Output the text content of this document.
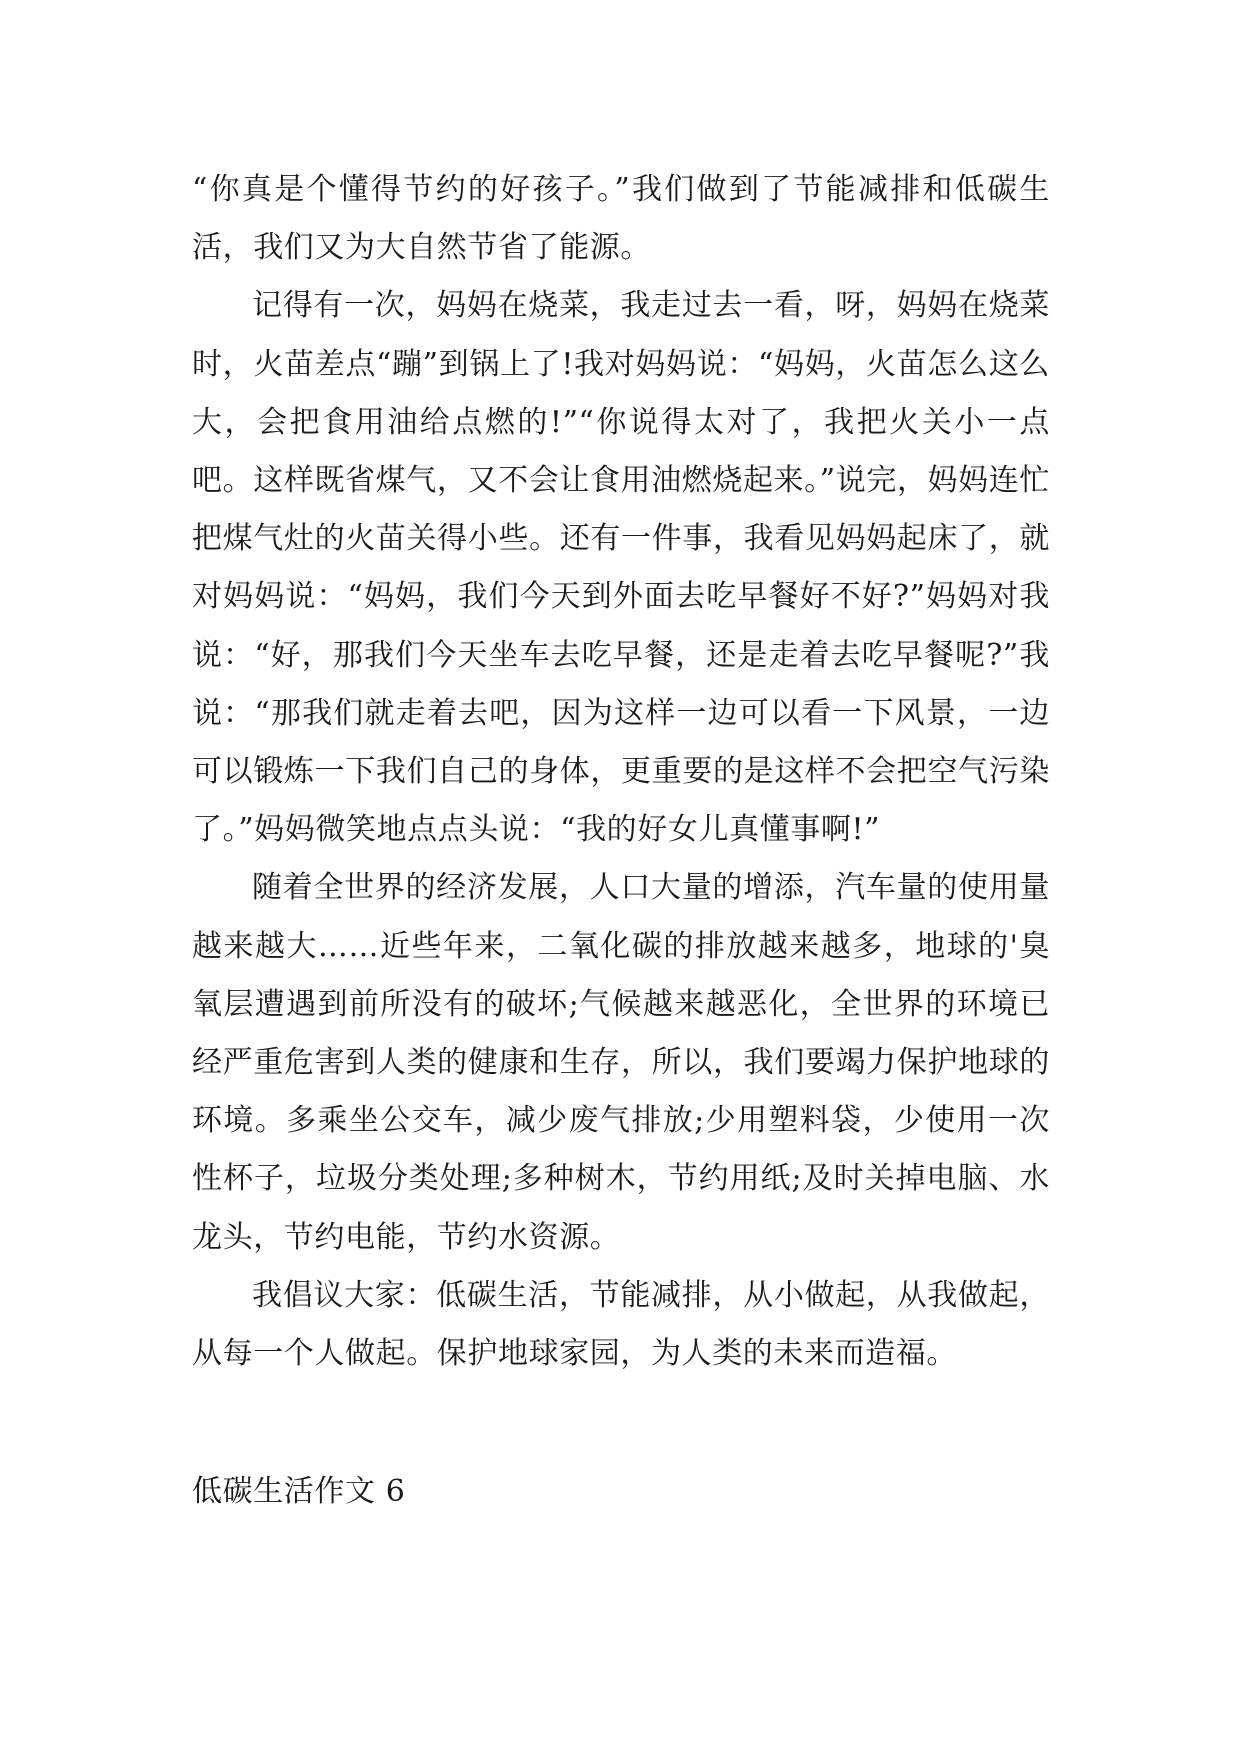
“你真是个懂得节约的好孩子。”我们做到了节能减排和低碳生活，我们又为大自然节省了能源。

记得有一次，妈妈在烧菜，我走过去一看，呀，妈妈在烧菜时，火苗差点“蹦”到锅上了!我对妈妈说：“妈妈，火苗怎么这么大，会把食用油给点燃的!”“你说得太对了，我把火关小一点吧。这样既省煤气，又不会让食用油燃烧起来。”说完，妈妈连忙把煤气灶的火苗关得小些。还有一件事，我看见妈妈起床了，就对妈妈说：“妈妈，我们今天到外面去吃早餐好不好?”妈妈对我说：“好，那我们今天坐车去吃早餐，还是走着去吃早餐呢?”我说：“那我们就走着去吧，因为这样一边可以看一下风景，一边可以锻炼一下我们自己的身体，更重要的是这样不会把空气污染了。”妈妈微笑地点点头说：“我的好女儿真懂事啊!”

随着全世界的经济发展，人口大量的增添，汽车量的使用量越来越大……近些年来，二氧化碳的排放越来越多，地球的'臭氧层遭遇到前所没有的破坏;气候越来越恶化，全世界的环境已经严重危害到人类的健康和生存，所以，我们要竭力保护地球的环境。多乘坐公交车，减少废气排放;少用塑料袋，少使用一次性杯子，垃圾分类处理;多种树木，节约用纸;及时关掉电脑、水龙头，节约电能，节约水资源。

我倡议大家：低碳生活，节能减排，从小做起，从我做起，从每一个人做起。保护地球家园，为人类的未来而造福。

低碳生活作文 6
